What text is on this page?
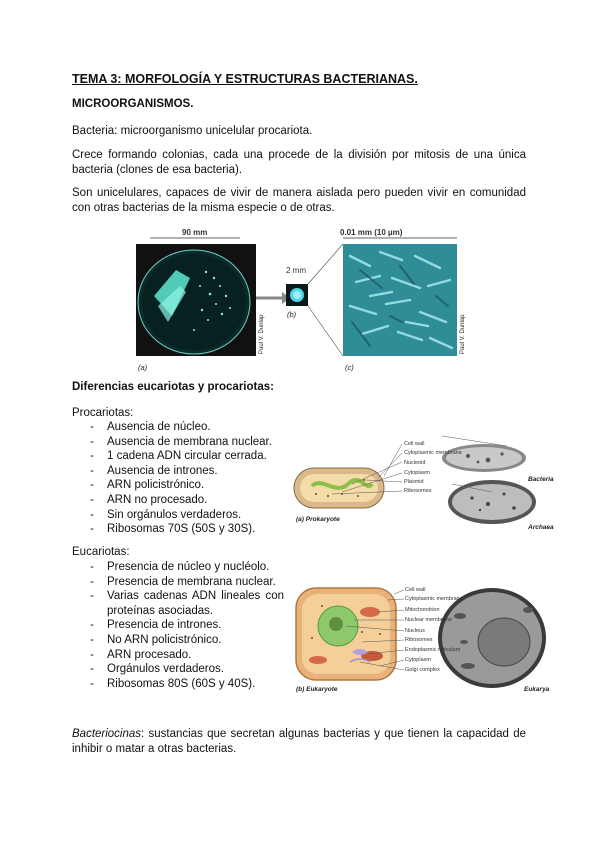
TEMA 3: MORFOLOGÍA Y ESTRUCTURAS BACTERIANAS.

MICROORGANISMOS.

Bacteria: microorganismo unicelular procariota.

Crece formando colonias, cada una procede de la división por mitosis de una única bacteria (clones de esa bacteria).

Son unicelulares, capaces de vivir de manera aislada pero pueden vivir en comunidad con otras bacterias de la misma especie o de otras.

90 mm	0.01 mm (10 µm)
2 mm
(a)
(b)
(c)
Paul V. Dunlap	Paul V. Dunlap

Diferencias eucariotas y procariotas:

Procariotas:

- Ausencia de núcleo.
- Ausencia de membrana nuclear.
- 1 cadena ADN circular cerrada.
- Ausencia de intrones.
- ARN policistrónico.
- ARN no procesado.
- Sin orgánulos verdaderos.
- Ribosomas 70S (50S y 30S).
Cell wall
Cytoplasmic membrane
Nucleoid
Cytoplasm
Plasmid
Ribosomes
(a) Prokaryote
Bacteria
Archaea

Eucariotas:

- Presencia de núcleo y nucléolo.
- Presencia de membrana nuclear.
- Varias cadenas ADN lineales con proteínas asociadas.
- Presencia de intrones.
- No ARN policistrónico.
- ARN procesado.
- Orgánulos verdaderos.
- Ribosomas 80S (60S y 40S).
Cell wall
Cytoplasmic membrane
Mitochondrion
Nuclear membrane
Nucleus
Ribosomes
Endoplasmic reticulum
Cytoplasm
Golgi complex
(b) Eukaryote	Eukarya

Bacteriocinas: sustancias que secretan algunas bacterias y que tienen la capacidad de inhibir o matar a otras bacterias.
